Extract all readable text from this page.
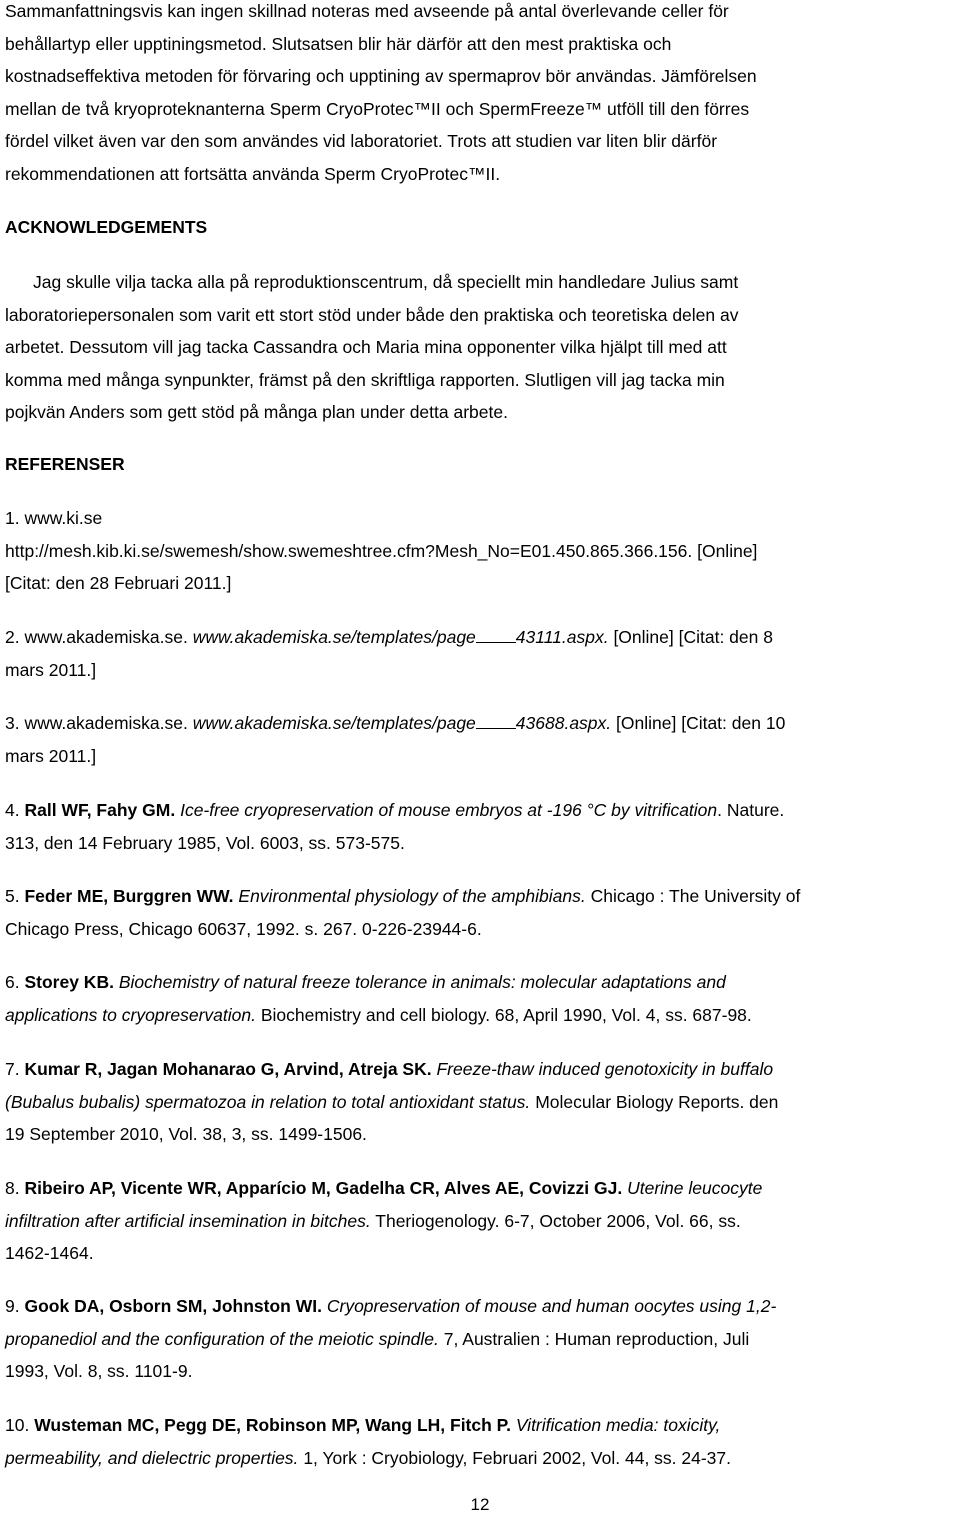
Sammanfattningsvis kan ingen skillnad noteras med avseende på antal överlevande celler för
behållartyp eller upptiningsmetod. Slutsatsen blir här därför att den mest praktiska och
kostnadseffektiva metoden för förvaring och upptining av spermaprov bör användas. Jämförelsen
mellan de två kryoproteknanterna Sperm CryoProtec™II och SpermFreeze™ utföll till den förres
fördel vilket även var den som användes vid laboratoriet. Trots att studien var liten blir därför
rekommendationen att fortsätta använda Sperm CryoProtec™II.
ACKNOWLEDGEMENTS
Jag skulle vilja tacka alla på reproduktionscentrum, då speciellt min handledare Julius samt
laboratoriepersonalen som varit ett stort stöd under både den praktiska och teoretiska delen av
arbetet. Dessutom vill jag tacka Cassandra och Maria mina opponenter vilka hjälpt till med att
komma med många synpunkter, främst på den skriftliga rapporten. Slutligen vill jag tacka min
pojkvän Anders som gett stöd på många plan under detta arbete.
REFERENSER
1. www.ki.se
http://mesh.kib.ki.se/swemesh/show.swemeshtree.cfm?Mesh_No=E01.450.865.366.156. [Online]
[Citat: den 28 Februari 2011.]
2. www.akademiska.se. www.akademiska.se/templates/page 43111.aspx. [Online] [Citat: den 8
mars 2011.]
3. www.akademiska.se. www.akademiska.se/templates/page 43688.aspx. [Online] [Citat: den 10
mars 2011.]
4. Rall WF, Fahy GM. Ice-free cryopreservation of mouse embryos at -196 °C by vitrification. Nature.
313, den 14 February 1985, Vol. 6003, ss. 573-575.
5. Feder ME, Burggren WW. Environmental physiology of the amphibians. Chicago : The University of
Chicago Press, Chicago 60637, 1992. s. 267. 0-226-23944-6.
6. Storey KB. Biochemistry of natural freeze tolerance in animals: molecular adaptations and
applications to cryopreservation. Biochemistry and cell biology. 68, April 1990, Vol. 4, ss. 687-98.
7. Kumar R, Jagan Mohanarao G, Arvind, Atreja SK. Freeze-thaw induced genotoxicity in buffalo
(Bubalus bubalis) spermatozoa in relation to total antioxidant status. Molecular Biology Reports. den
19 September 2010, Vol. 38, 3, ss. 1499-1506.
8. Ribeiro AP, Vicente WR, Apparício M, Gadelha CR, Alves AE, Covizzi GJ. Uterine leucocyte
infiltration after artificial insemination in bitches. Theriogenology. 6-7, October 2006, Vol. 66, ss.
1462-1464.
9. Gook DA, Osborn SM, Johnston WI. Cryopreservation of mouse and human oocytes using 1,2-
propanediol and the configuration of the meiotic spindle. 7, Australien : Human reproduction, Juli
1993, Vol. 8, ss. 1101-9.
10. Wusteman MC, Pegg DE, Robinson MP, Wang LH, Fitch P. Vitrification media: toxicity,
permeability, and dielectric properties. 1, York : Cryobiology, Februari 2002, Vol. 44, ss. 24-37.
12
